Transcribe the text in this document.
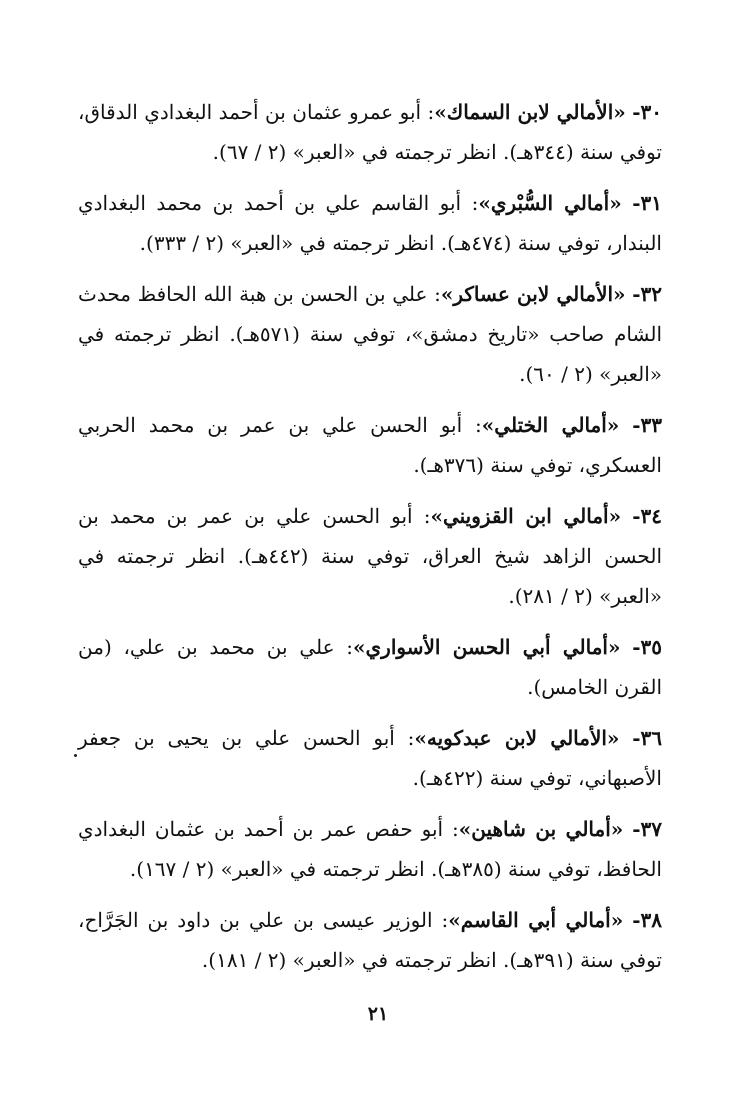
٣٠- «الأمالي لابن السماك»: أبو عمرو عثمان بن أحمد البغدادي الدقاق، توفي سنة (٣٤٤هـ). انظر ترجمته في «العبر» (٢ / ٦٧).
٣١- «أمالي السُّبْري»: أبو القاسم علي بن أحمد بن محمد البغدادي البندار، توفي سنة (٤٧٤هـ). انظر ترجمته في «العبر» (٢ / ٣٣٣).
٣٢- «الأمالي لابن عساكر»: علي بن الحسن بن هبة الله الحافظ محدث الشام صاحب «تاريخ دمشق»، توفي سنة (٥٧١هـ). انظر ترجمته في «العبر» (٢ / ٦٠).
٣٣- «أمالي الختلي»: أبو الحسن علي بن عمر بن محمد الحربي العسكري، توفي سنة (٣٧٦هـ).
٣٤- «أمالي ابن القزويني»: أبو الحسن علي بن عمر بن محمد بن الحسن الزاهد شيخ العراق، توفي سنة (٤٤٢هـ). انظر ترجمته في «العبر» (٢ / ٢٨١).
٣٥- «أمالي أبي الحسن الأسواري»: علي بن محمد بن علي، (من القرن الخامس).
٣٦- «الأمالي لابن عبدكويه»: أبو الحسن علي بن يحيى بن جعفر الأصبهاني، توفي سنة (٤٢٢هـ).
٣٧- «أمالي بن شاهين»: أبو حفص عمر بن أحمد بن عثمان البغدادي الحافظ، توفي سنة (٣٨٥هـ). انظر ترجمته في «العبر» (٢ / ١٦٧).
٣٨- «أمالي أبي القاسم»: الوزير عيسى بن علي بن داود بن الجَرَّاح، توفي سنة (٣٩١هـ). انظر ترجمته في «العبر» (٢ / ١٨١).
٢١
